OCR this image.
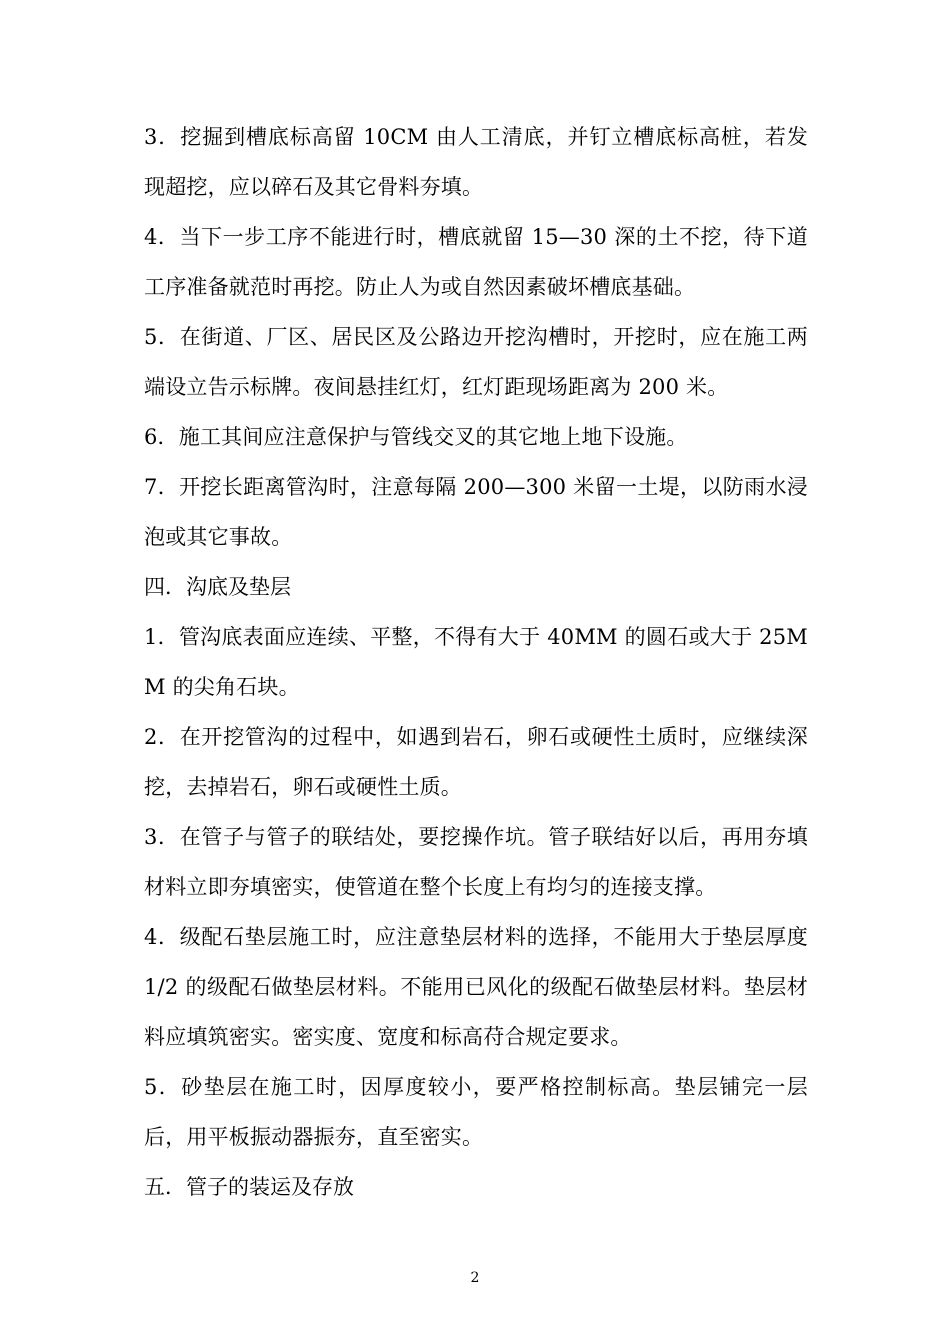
3．挖掘到槽底标高留 10CM 由人工清底，并钉立槽底标高桩，若发现超挖，应以碎石及其它骨料夯填。

4．当下一步工序不能进行时，槽底就留 15—30 深的土不挖，待下道工序准备就范时再挖。防止人为或自然因素破坏槽底基础。

5．在街道、厂区、居民区及公路边开挖沟槽时，开挖时，应在施工两端设立告示标牌。夜间悬挂红灯，红灯距现场距离为 200 米。

6．施工其间应注意保护与管线交叉的其它地上地下设施。

7．开挖长距离管沟时，注意每隔 200—300 米留一土堤，以防雨水浸泡或其它事故。

四．沟底及垫层

1．管沟底表面应连续、平整，不得有大于 40MM 的圆石或大于 25MM 的尖角石块。

2．在开挖管沟的过程中，如遇到岩石，卵石或硬性土质时，应继续深挖，去掉岩石，卵石或硬性土质。

3．在管子与管子的联结处，要挖操作坑。管子联结好以后，再用夯填材料立即夯填密实，使管道在整个长度上有均匀的连接支撑。

4．级配石垫层施工时，应注意垫层材料的选择，不能用大于垫层厚度 1/2 的级配石做垫层材料。不能用已风化的级配石做垫层材料。垫层材料应填筑密实。密实度、宽度和标高苻合规定要求。

5．砂垫层在施工时，因厚度较小，要严格控制标高。垫层铺完一层后，用平板振动器振夯，直至密实。

五．管子的装运及存放

2
